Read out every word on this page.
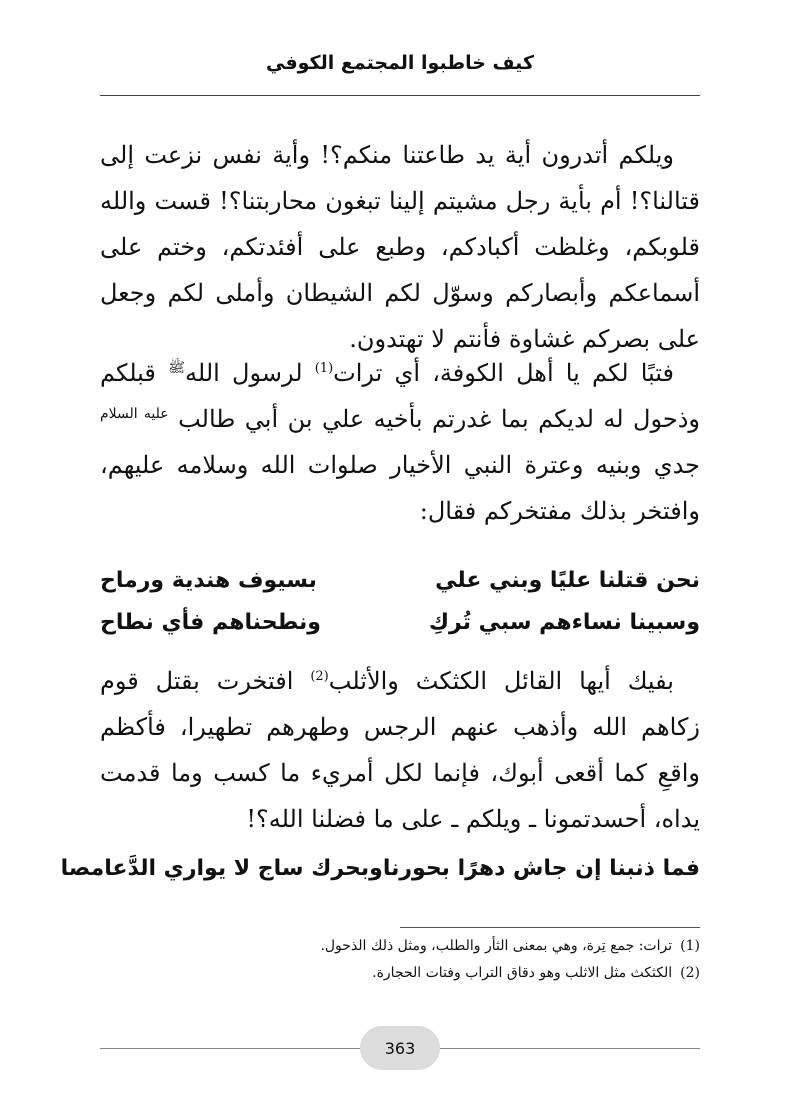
كيف خاطبوا المجتمع الكوفي

ويلكم أتدرون أية يد طاعتنا منكم؟! وأية نفس نزعت إلى قتالنا؟! أم بأية رجل مشيتم إلينا تبغون محاربتنا؟! قست والله قلوبكم، وغلظت أكبادكم، وطبع على أفئدتكم، وختم على أسماعكم وأبصاركم وسوّل لكم الشيطان وأملى لكم وجعل على بصركم غشاوة فأنتم لا تهتدون.

فتبًا لكم يا أهل الكوفة، أي ترات$^{(1)}$ لرسول الله$^ﷺ$ قبلكم وذحول له لديكم بما غدرتم بأخيه علي بن أبي طالب $^{عليه السلام}$ جدي وبنيه وعترة النبي الأخيار صلوات الله وسلامه عليهم، وافتخر بذلك مفتخركم فقال:

نحن قتلنا عليًا وبني علي
بسيوف هندية ورماح
وسبينا نساءهم سبي تُركِ
ونطحناهم فأي نطاح

بفيك أيها القائل الكثكث والأثلب$^{(2)}$ افتخرت بقتل قوم زكاهم الله وأذهب عنهم الرجس وطهرهم تطهيرا، فأكظم واقعِ كما أقعى أبوك، فإنما لكل أمريء ما كسب وما قدمت يداه، أحسدتمونا ـ ويلكم ـ على ما فضلنا الله؟!

فما ذنبنا إن جاش دهرًا بحورنا
وبحرك ساج لا يواري الدَّعامصا
(1)ترات: جمع تِرة، وهي بمعنى الثأر والطلب، ومثل ذلك الذحول.
(2)الكثكث مثل الاثلب وهو دقاق التراب وفتات الحجارة.
363
